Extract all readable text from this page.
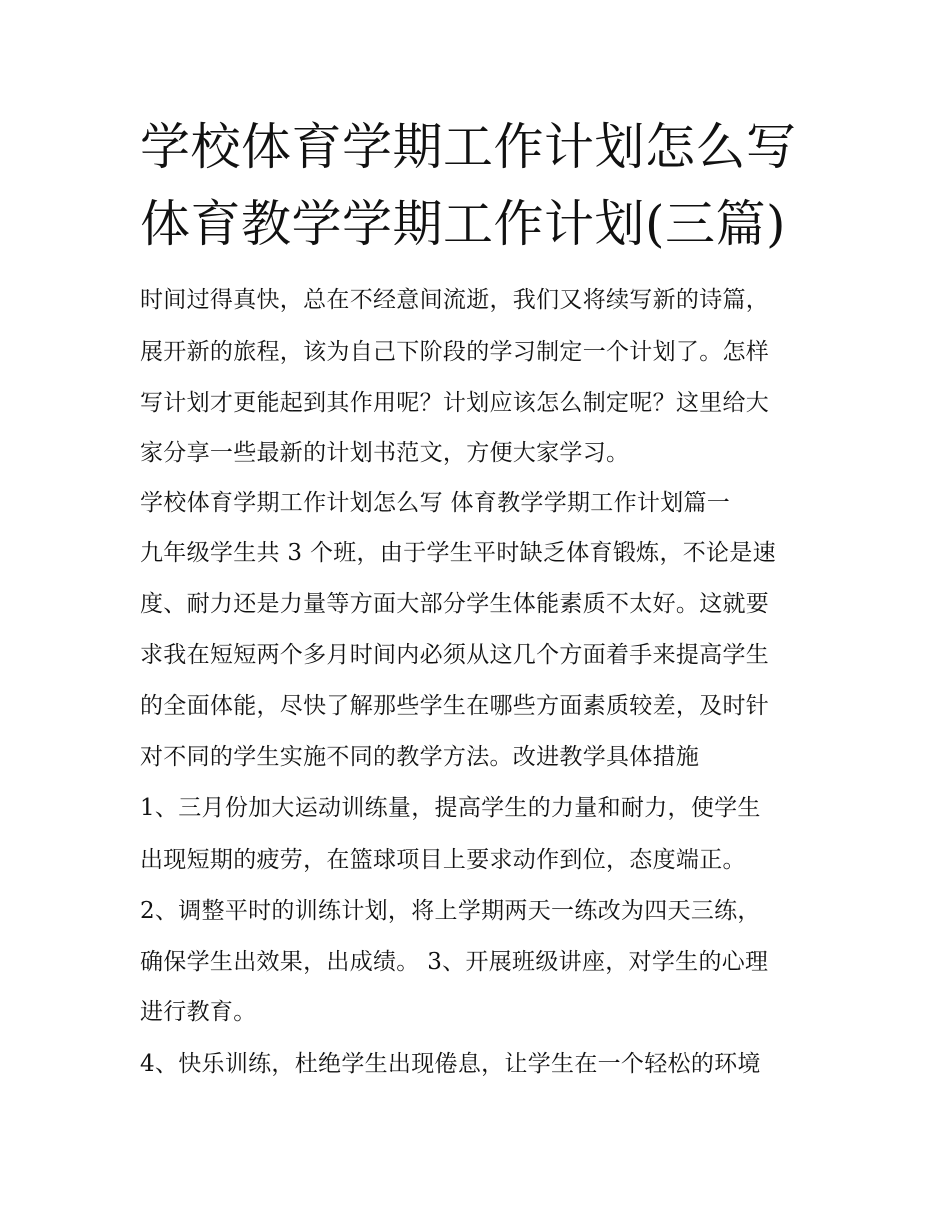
学校体育学期工作计划怎么写
体育教学学期工作计划(三篇)
时间过得真快，总在不经意间流逝，我们又将续写新的诗篇，
展开新的旅程，该为自己下阶段的学习制定一个计划了。怎样
写计划才更能起到其作用呢？计划应该怎么制定呢？这里给大
家分享一些最新的计划书范文，方便大家学习。
学校体育学期工作计划怎么写 体育教学学期工作计划篇一
九年级学生共 3 个班，由于学生平时缺乏体育锻炼，不论是速
度、耐力还是力量等方面大部分学生体能素质不太好。这就要
求我在短短两个多月时间内必须从这几个方面着手来提高学生
的全面体能，尽快了解那些学生在哪些方面素质较差，及时针
对不同的学生实施不同的教学方法。改进教学具体措施
1、三月份加大运动训练量，提高学生的力量和耐力，使学生
出现短期的疲劳，在篮球项目上要求动作到位，态度端正。
2、调整平时的训练计划，将上学期两天一练改为四天三练，
确保学生出效果，出成绩。 3、开展班级讲座，对学生的心理
进行教育。
4、快乐训练，杜绝学生出现倦息，让学生在一个轻松的环境
